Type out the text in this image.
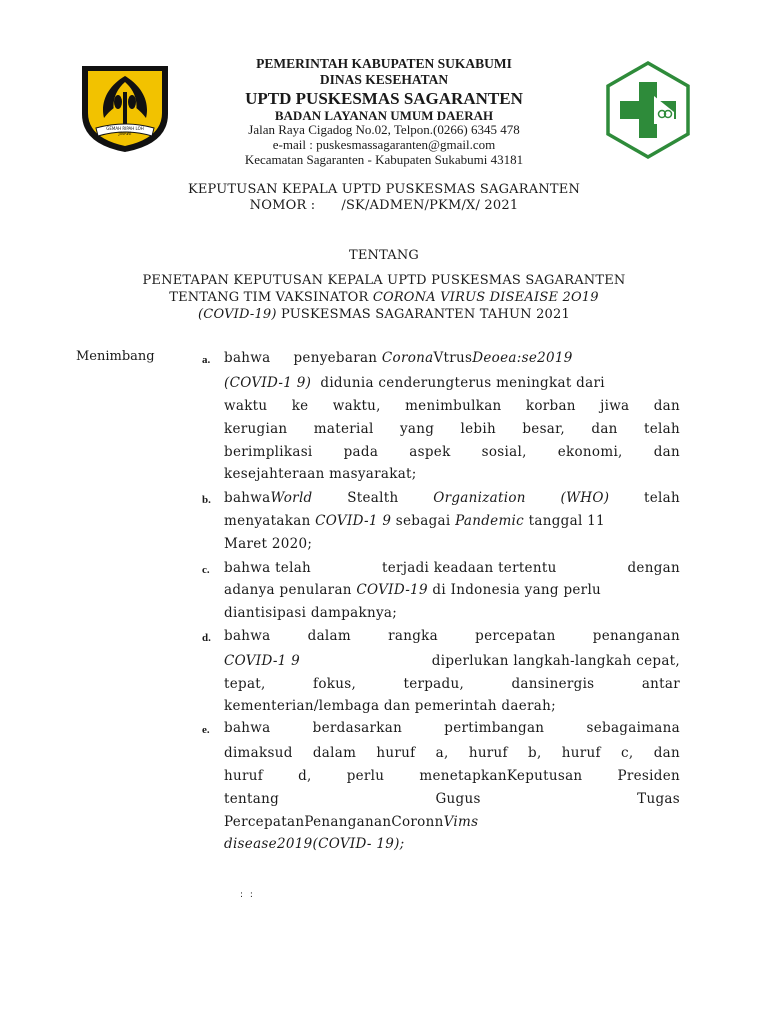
GEMAH RIPAH LOH JINAWI
PEMERINTAH KABUPATEN SUKABUMI
DINAS KESEHATAN
UPTD PUSKESMAS SAGARANTEN
BADAN LAYANAN UMUM DAERAH
Jalan Raya Cigadog No.02, Telpon.(0266) 6345 478
e-mail : puskesmassagaranten@gmail.com
Kecamatan Sagaranten - Kabupaten Sukabumi 43181
KEPUTUSAN KEPALA UPTD PUSKESMAS SAGARANTEN
NOMOR :      /SK/ADMEN/PKM/X/ 2021
TENTANG
PENETAPAN KEPUTUSAN KEPALA UPTD PUSKESMAS SAGARANTEN
TENTANG TIM VAKSINATOR CORONA VIRUS DISEAISE 2O19
(COVID-19) PUSKESMAS SAGARANTEN TAHUN 2021
Menimbang	a.
b.
c.
d.
e.
bahwa penyebaran CoronaVtrusDeoea:se2019
(COVID-1 9) didunia cenderungterus meningkat dari
waktu ke waktu, menimbulkan korban jiwa dan
kerugian material yang lebih besar, dan telah
berimplikasi pada aspek sosial, ekonomi, dan
kesejahteraan masyarakat;
bahwaWorld	Stealth	Organization	(WHO)	telah
menyatakan COVID-1 9 sebagai Pandemic tanggal 11
Maret 2020;
bahwa telah	terjadi keadaan tertentu	dengan
adanya penularan COVID-19 di Indonesia yang perlu
diantisipasi dampaknya;
bahwa dalam rangka percepatan penanganan
COVID-1 9	diperlukan langkah-langkah cepat,
tepat, fokus, terpadu, dansinergis antar
kementerian/lembaga dan pemerintah daerah;
bahwa berdasarkan pertimbangan sebagaimana
dimaksud dalam huruf a, huruf b, huruf c, dan
huruf d, perlu menetapkanKeputusan Presiden
tentang Gugus Tugas
PercepatanPenangananCoronnVims
disease2019(COVID- 19);
: :
